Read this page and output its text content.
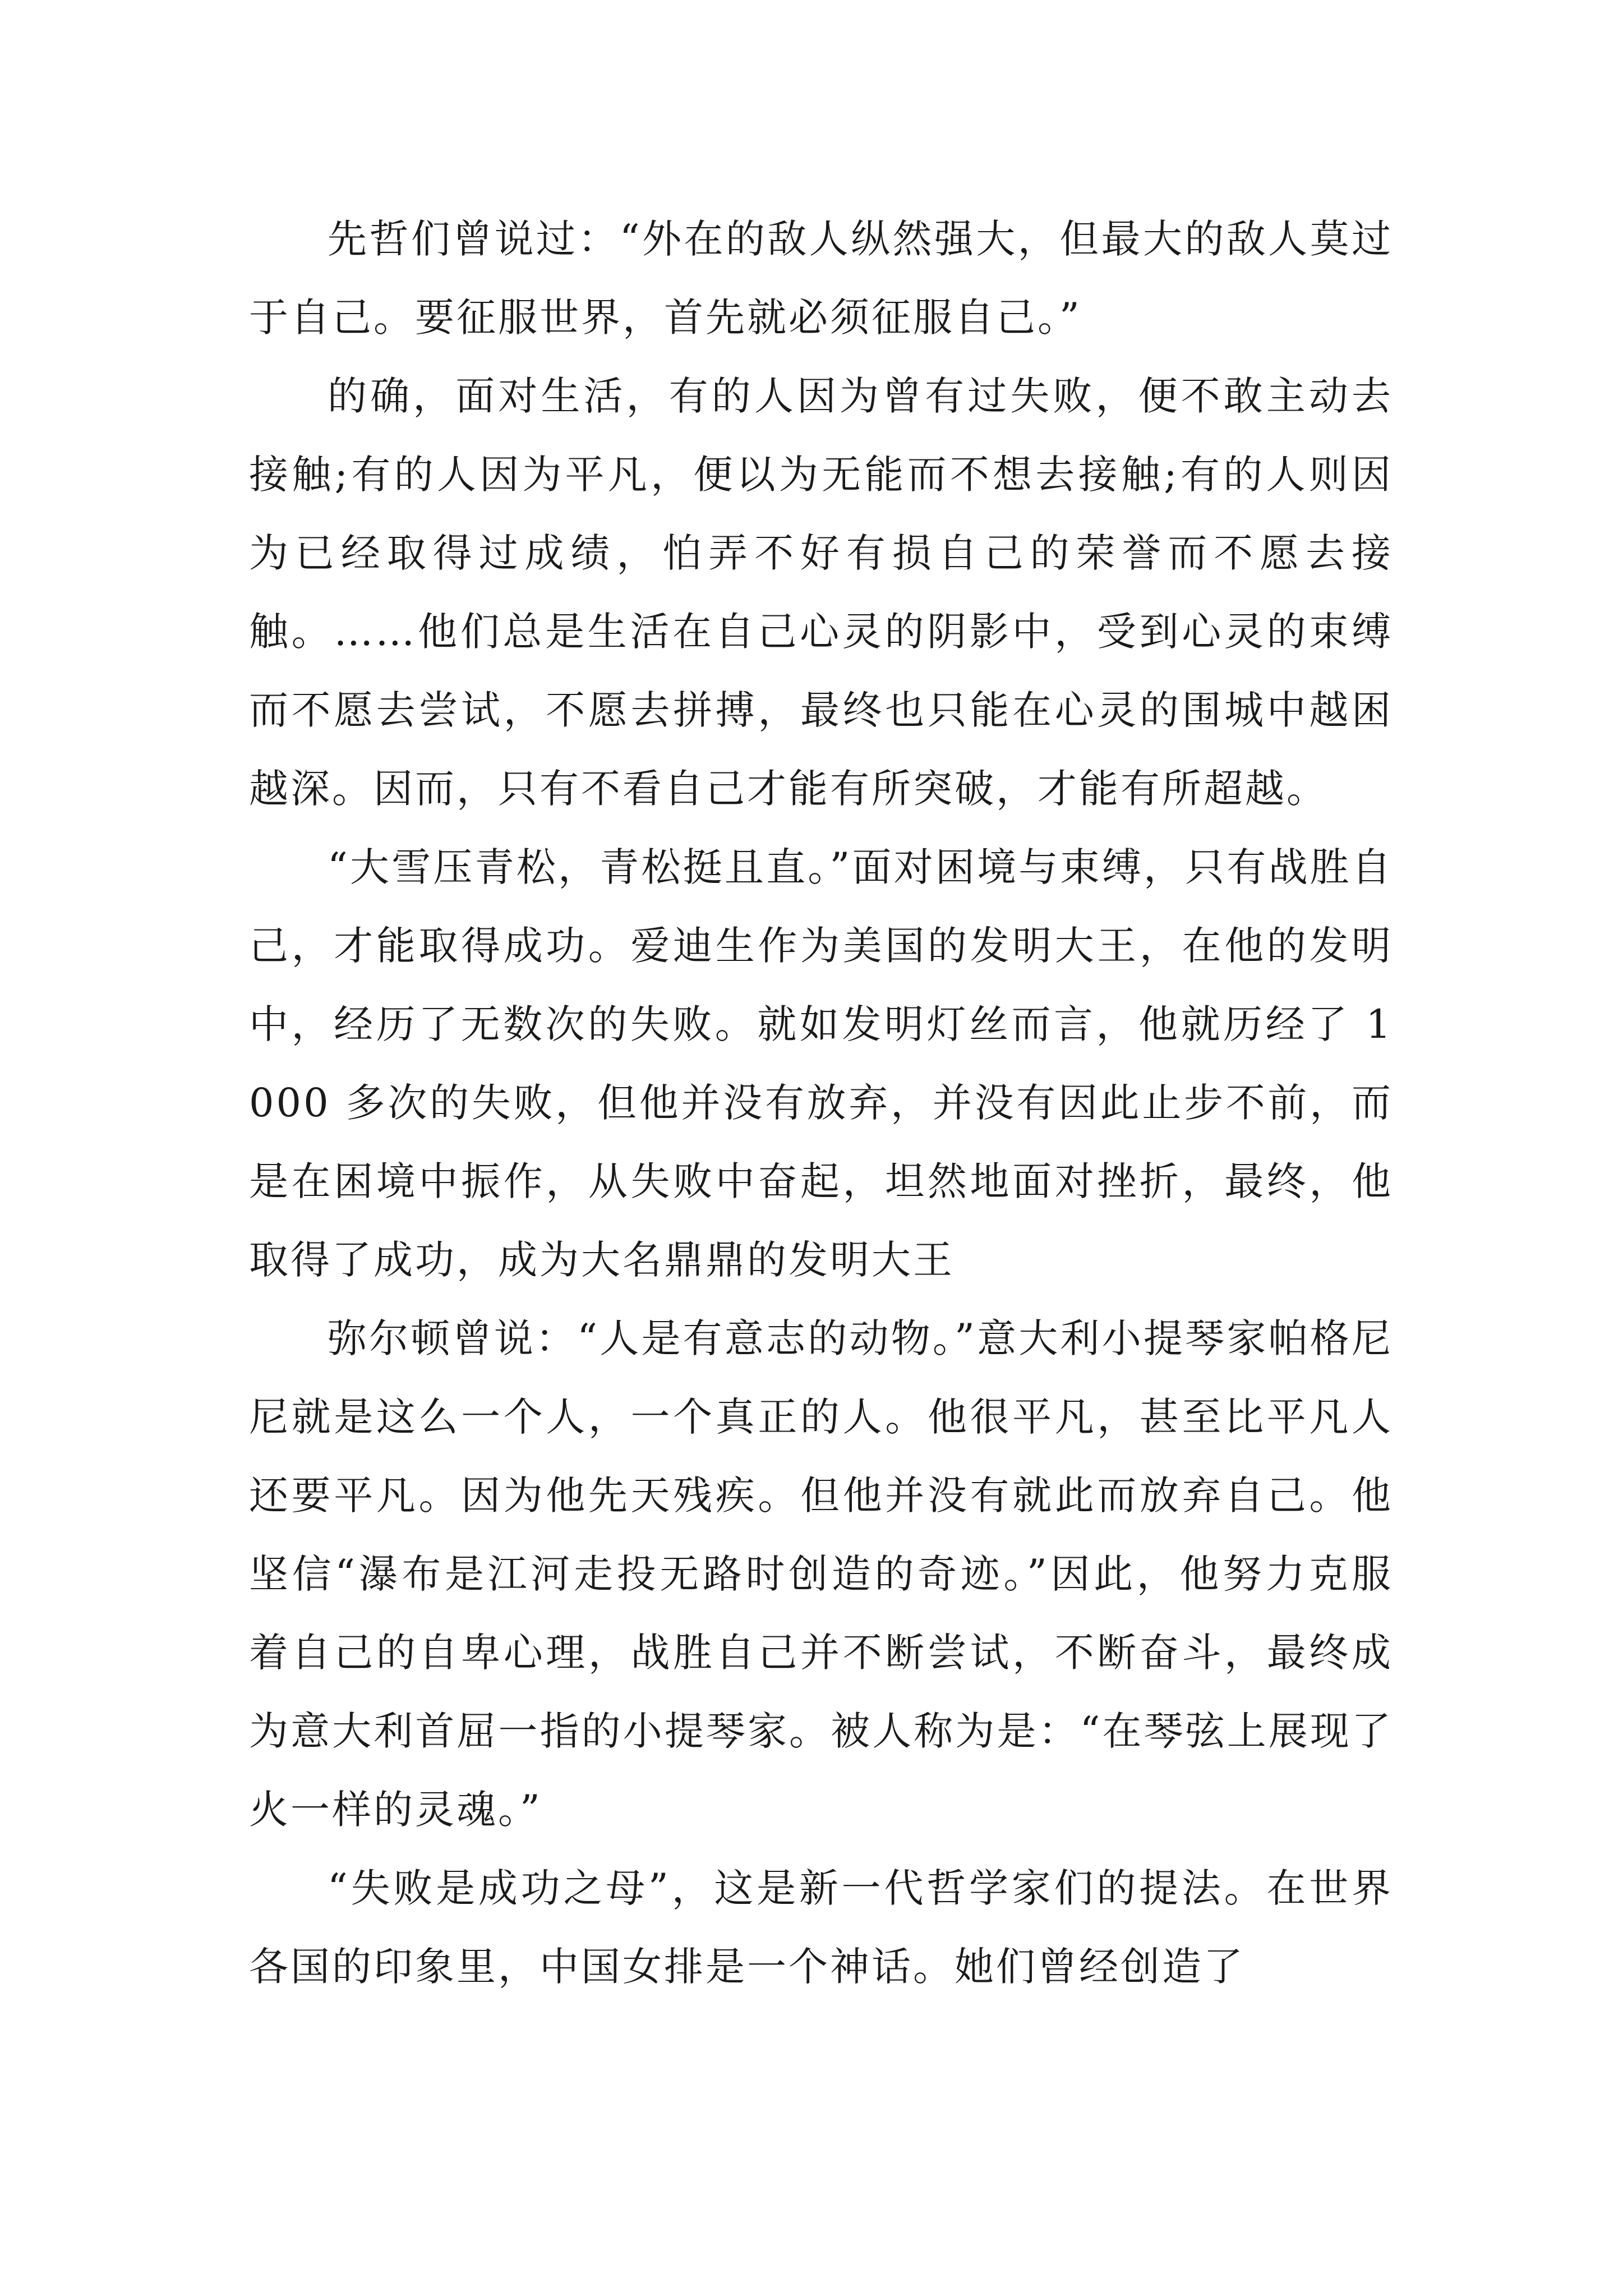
先哲们曾说过：“外在的敌人纵然强大，但最大的敌人莫过于自己。要征服世界，首先就必须征服自己。”

的确，面对生活，有的人因为曾有过失败，便不敢主动去接触;有的人因为平凡，便以为无能而不想去接触;有的人则因为已经取得过成绩，怕弄不好有损自己的荣誉而不愿去接触。……他们总是生活在自己心灵的阴影中，受到心灵的束缚而不愿去尝试，不愿去拼搏，最终也只能在心灵的围城中越困越深。因而，只有不看自己才能有所突破，才能有所超越。

“大雪压青松，青松挺且直。”面对困境与束缚，只有战胜自己，才能取得成功。爱迪生作为美国的发明大王，在他的发明中，经历了无数次的失败。就如发明灯丝而言，他就历经了 1000 多次的失败，但他并没有放弃，并没有因此止步不前，而是在困境中振作，从失败中奋起，坦然地面对挫折，最终，他取得了成功，成为大名鼎鼎的发明大王

弥尔顿曾说：“人是有意志的动物。”意大利小提琴家帕格尼尼就是这么一个人，一个真正的人。他很平凡，甚至比平凡人还要平凡。因为他先天残疾。但他并没有就此而放弃自己。他坚信“瀑布是江河走投无路时创造的奇迹。”因此，他努力克服着自己的自卑心理，战胜自己并不断尝试，不断奋斗，最终成为意大利首屈一指的小提琴家。被人称为是：“在琴弦上展现了火一样的灵魂。”

“失败是成功之母”，这是新一代哲学家们的提法。在世界各国的印象里，中国女排是一个神话。她们曾经创造了
